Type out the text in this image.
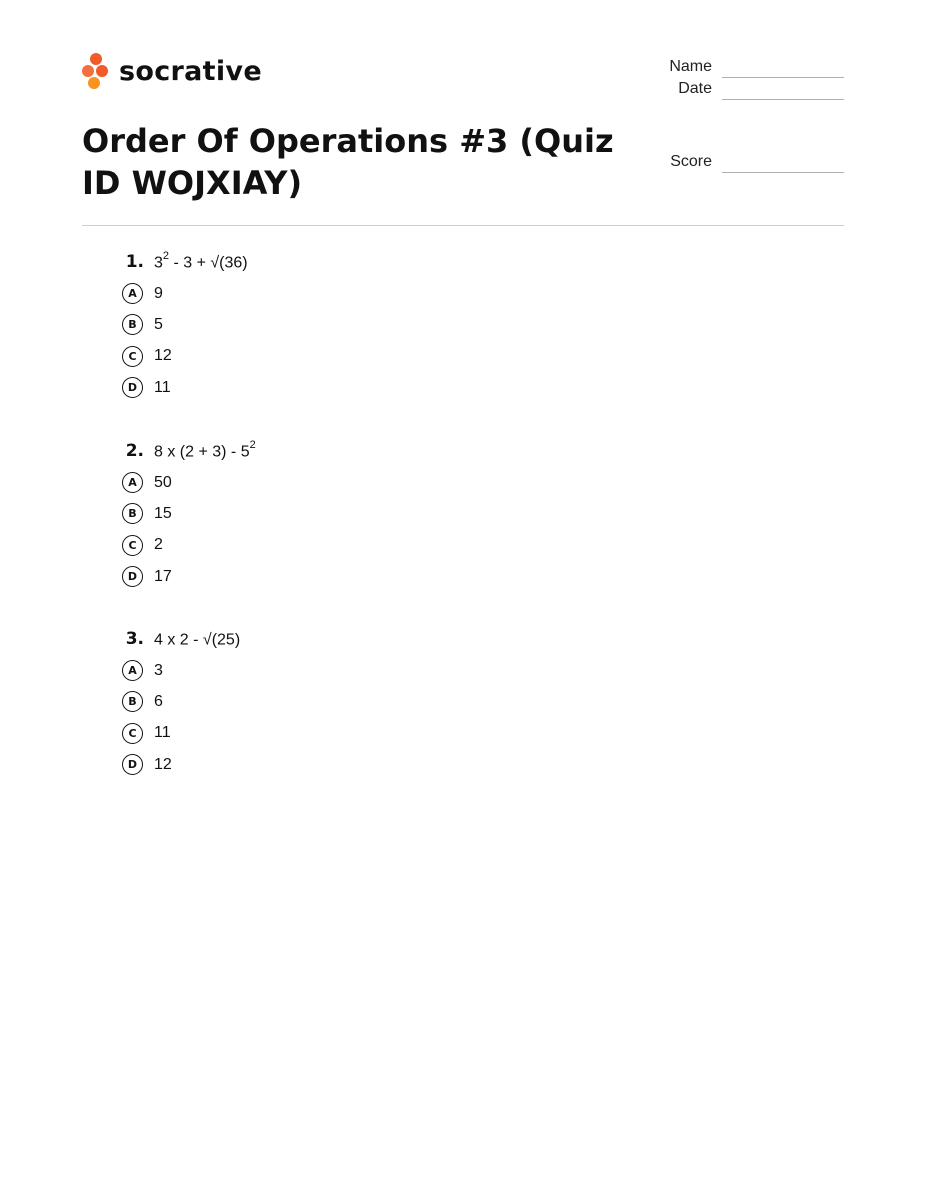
socrative	Name
Date
Score
Order Of Operations #3 (Quiz ID WOJXIAY)
1. $3^2 - 3 + √(36)$
A	9
B	5
C	12
D	11
2. 8 x $(2 + 3) - 5^2$
A	50
B	15
C	2
D	17
3. 4 x 2 - √(25)
A	3
B	6
C	11
D	12
